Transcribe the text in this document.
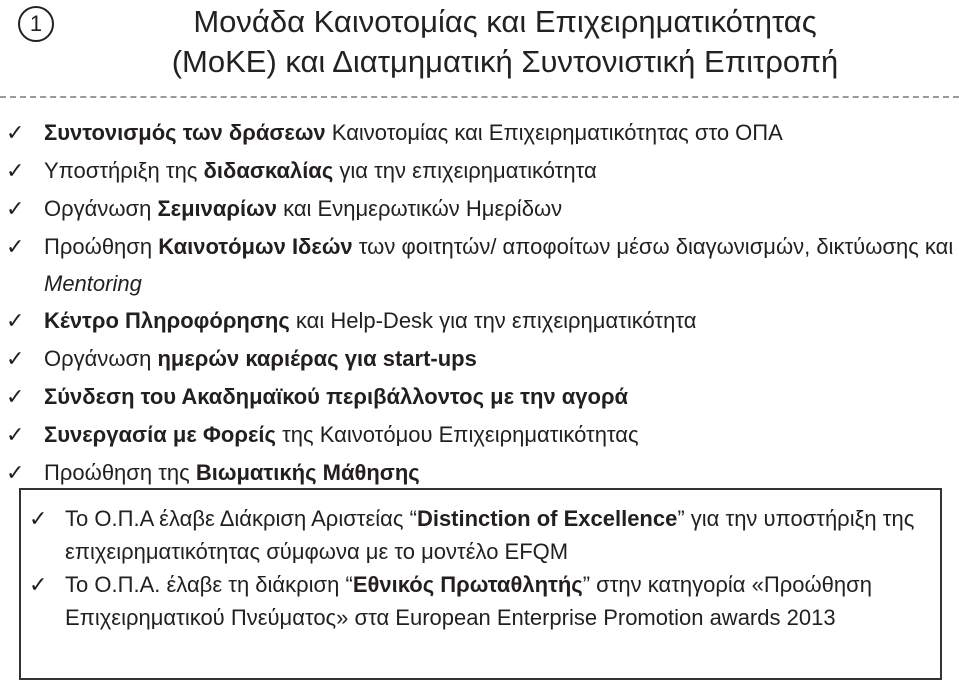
1	Μονάδα Καινοτομίας και Επιχειρηματικότητας
(ΜοΚΕ) και Διατμηματική Συντονιστική Επιτροπή
✓ Συντονισμός των δράσεων Καινοτομίας και Επιχειρηματικότητας στο ΟΠΑ
✓ Υποστήριξη της διδασκαλίας για την επιχειρηματικότητα
✓ Οργάνωση Σεμιναρίων και Ενημερωτικών Ημερίδων
✓ Προώθηση Καινοτόμων Ιδεών των φοιτητών/ αποφοίτων μέσω διαγωνισμών, δικτύωσης και Mentoring
✓ Κέντρο Πληροφόρησης και Help-Desk για την επιχειρηματικότητα
✓ Οργάνωση ημερών καριέρας για start-ups
✓ Σύνδεση του Ακαδημαϊκού περιβάλλοντος με την αγορά
✓ Συνεργασία με Φορείς της Καινοτόμου Επιχειρηματικότητας
✓ Προώθηση της Βιωματικής Μάθησης
✓ Το Ο.Π.Α έλαβε Διάκριση Αριστείας “Distinction of Excellence” για την υποστήριξη της επιχειρηματικότητας σύμφωνα με το μοντέλο EFQM
✓ Το Ο.Π.Α. έλαβε τη διάκριση “Εθνικός Πρωταθλητής” στην κατηγορία «Προώθηση Επιχειρηματικού Πνεύματος» στα European Enterprise Promotion awards 2013
